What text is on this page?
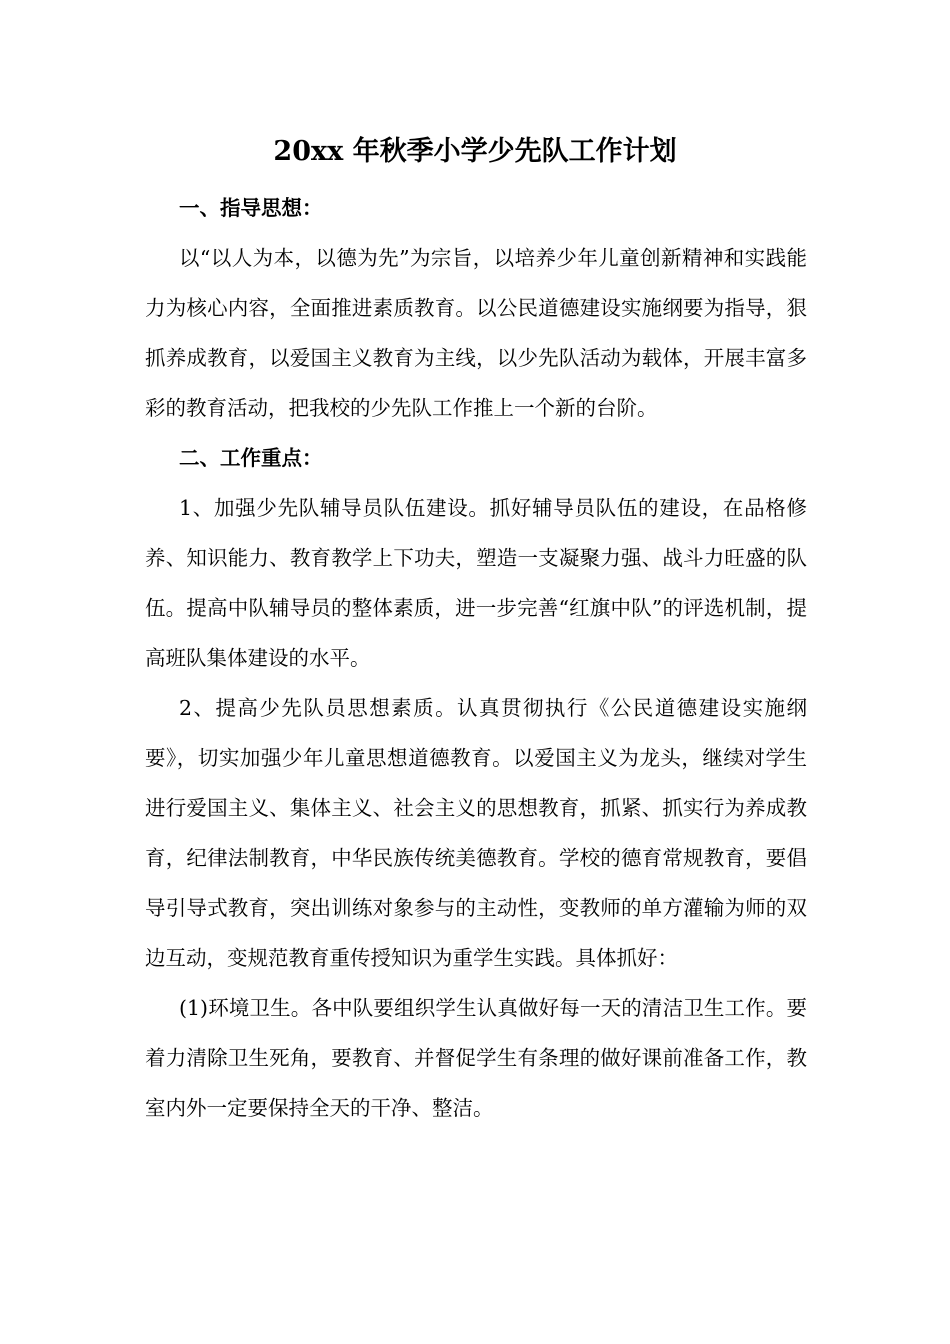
20xx 年秋季小学少先队工作计划

一、指导思想：

以“以人为本，以德为先”为宗旨，以培养少年儿童创新精神和实践能力为核心内容，全面推进素质教育。以公民道德建设实施纲要为指导，狠抓养成教育，以爱国主义教育为主线，以少先队活动为载体，开展丰富多彩的教育活动，把我校的少先队工作推上一个新的台阶。

二、工作重点：

1、加强少先队辅导员队伍建设。抓好辅导员队伍的建设，在品格修养、知识能力、教育教学上下功夫，塑造一支凝聚力强、战斗力旺盛的队伍。提高中队辅导员的整体素质，进一步完善“红旗中队”的评选机制，提高班队集体建设的水平。

2、提高少先队员思想素质。认真贯彻执行《公民道德建设实施纲要》，切实加强少年儿童思想道德教育。以爱国主义为龙头，继续对学生进行爱国主义、集体主义、社会主义的思想教育，抓紧、抓实行为养成教育，纪律法制教育，中华民族传统美德教育。学校的德育常规教育，要倡导引导式教育，突出训练对象参与的主动性，变教师的单方灌输为师的双边互动，变规范教育重传授知识为重学生实践。具体抓好：

(1)环境卫生。各中队要组织学生认真做好每一天的清洁卫生工作。要着力清除卫生死角，要教育、并督促学生有条理的做好课前准备工作，教室内外一定要保持全天的干净、整洁。
